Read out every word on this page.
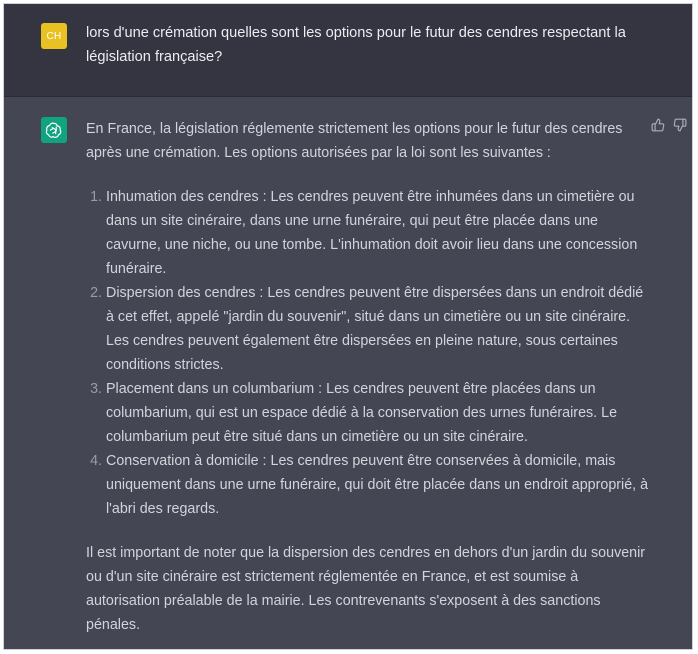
CH	lors d'une crémation quelles sont les options pour le futur des cendres respectant la législation française?

En France, la législation réglemente strictement les options pour le futur des cendres après une crémation. Les options autorisées par la loi sont les suivantes :

1. Inhumation des cendres : Les cendres peuvent être inhumées dans un cimetière ou dans un site cinéraire, dans une urne funéraire, qui peut être placée dans une cavurne, une niche, ou une tombe. L'inhumation doit avoir lieu dans une concession funéraire.
2. Dispersion des cendres : Les cendres peuvent être dispersées dans un endroit dédié à cet effet, appelé "jardin du souvenir", situé dans un cimetière ou un site cinéraire. Les cendres peuvent également être dispersées en pleine nature, sous certaines conditions strictes.
3. Placement dans un columbarium : Les cendres peuvent être placées dans un columbarium, qui est un espace dédié à la conservation des urnes funéraires. Le columbarium peut être situé dans un cimetière ou un site cinéraire.
4. Conservation à domicile : Les cendres peuvent être conservées à domicile, mais uniquement dans une urne funéraire, qui doit être placée dans un endroit approprié, à l'abri des regards.

Il est important de noter que la dispersion des cendres en dehors d'un jardin du souvenir ou d'un site cinéraire est strictement réglementée en France, et est soumise à autorisation préalable de la mairie. Les contrevenants s'exposent à des sanctions pénales.
